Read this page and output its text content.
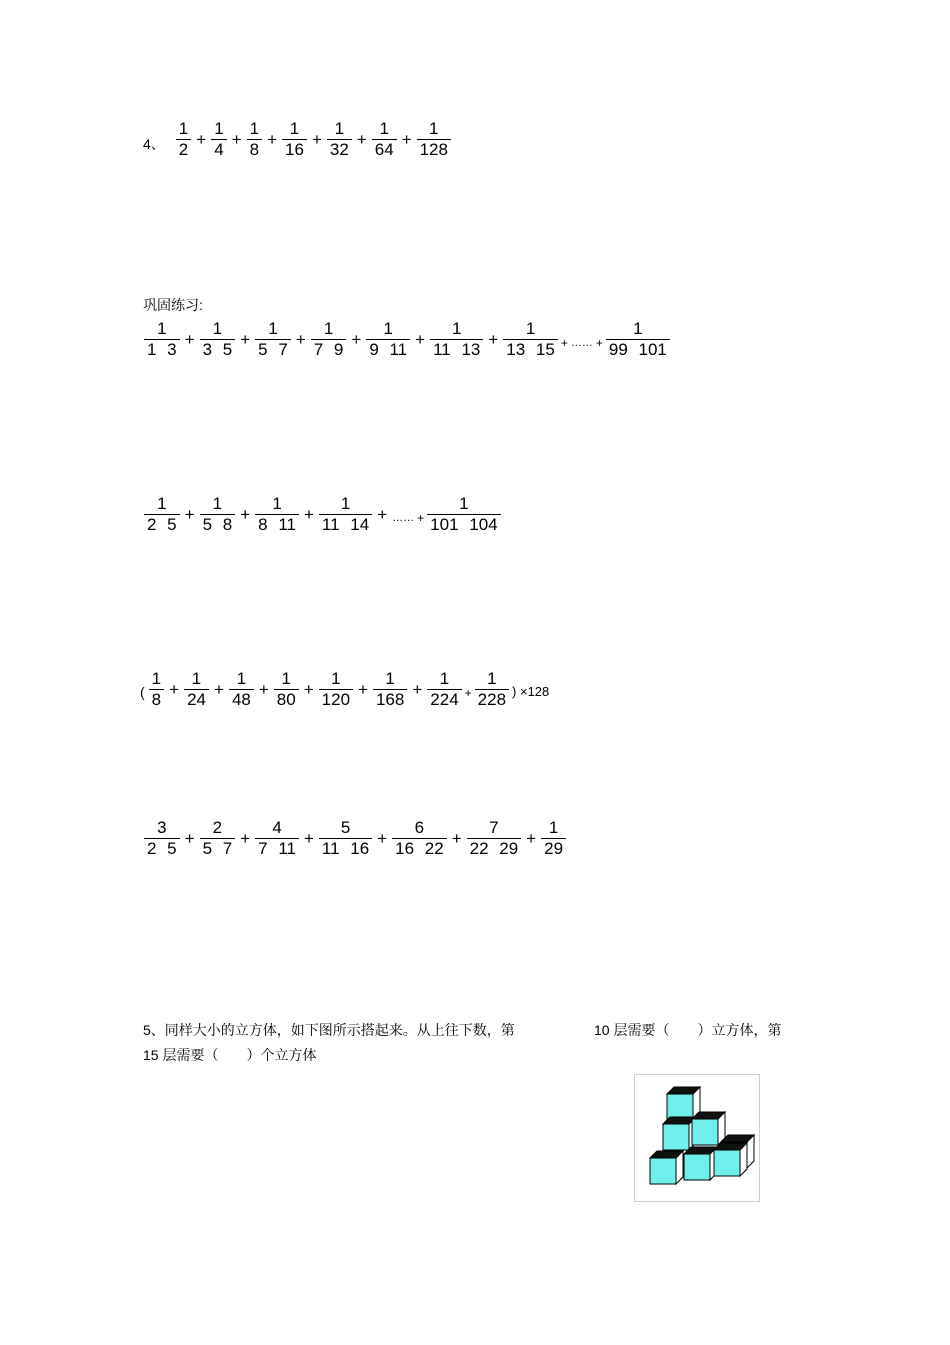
4、 $\frac{1}{2} + \frac{1}{4} + \frac{1}{8} + \frac{1}{16} + \frac{1}{32} + \frac{1}{64} + \frac{1}{128}$
巩固练习:
$\frac{1}{1 3} + \frac{1}{3 5} + \frac{1}{5 7} + \frac{1}{7 9} + \frac{1}{9 11} + \frac{1}{11 13} + \frac{1}{13 15}$ + …… + $\frac{1}{99 101}$
$\frac{1}{2 5} + \frac{1}{5 8} + \frac{1}{8 11} + \frac{1}{11 14}$ + …… + $\frac{1}{101 104}$
( $\frac{1}{8} + \frac{1}{24} + \frac{1}{48} + \frac{1}{80} + \frac{1}{120} + \frac{1}{168} + \frac{1}{224} + \frac{1}{228}$ ) ×128
$\frac{3}{2 5} + \frac{2}{5 7} + \frac{4}{7 11} + \frac{5}{11 16} + \frac{6}{16 22} + \frac{7}{22 29} + \frac{1}{29}$
5、同样大小的立方体，如下图所示搭起来。从上往下数，第	10 层需要（　　）立方体，第
15 层需要（　　）个立方体
